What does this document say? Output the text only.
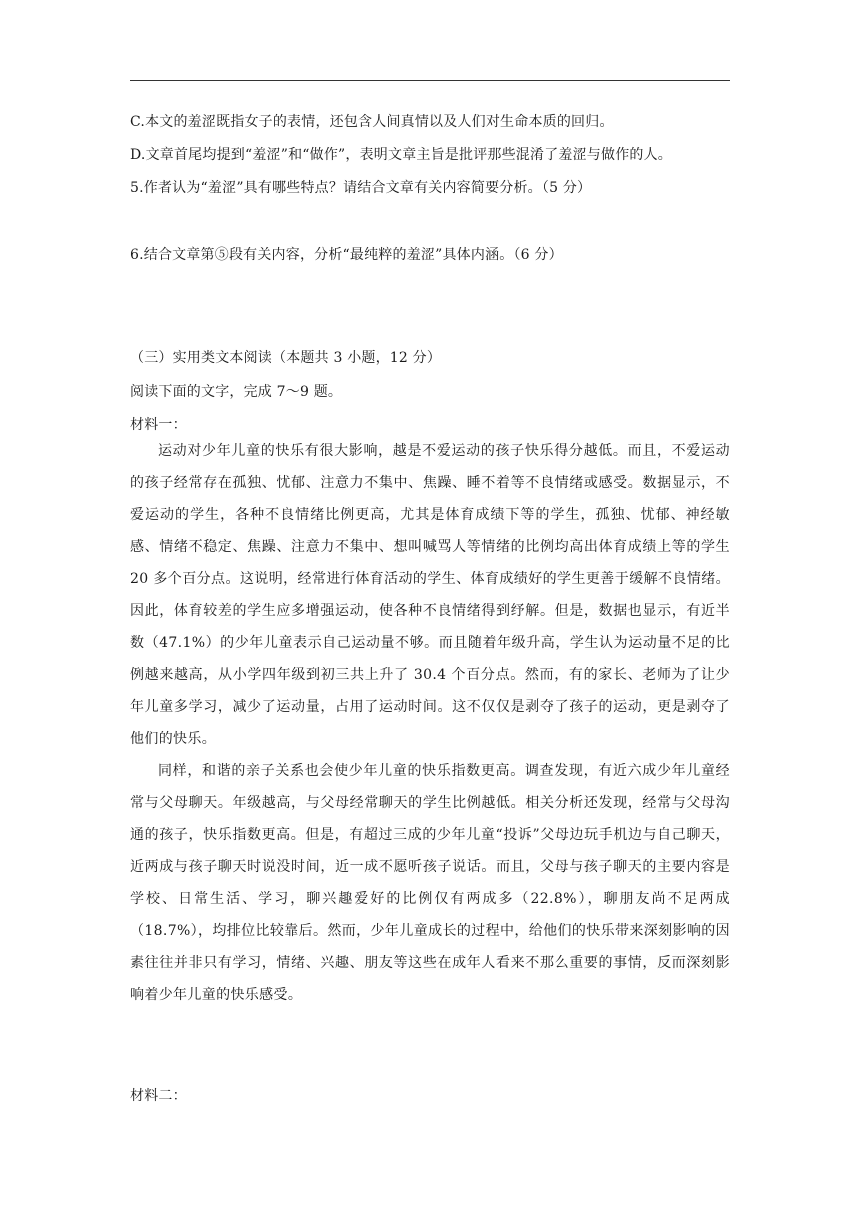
C.本文的羞涩既指女子的表情，还包含人间真情以及人们对生命本质的回归。
D.文章首尾均提到“羞涩”和“做作”，表明文章主旨是批评那些混淆了羞涩与做作的人。
5.作者认为“羞涩”具有哪些特点？请结合文章有关内容简要分析。（5 分）
6.结合文章第⑤段有关内容，分析“最纯粹的羞涩”具体内涵。（6 分）
（三）实用类文本阅读（本题共 3 小题，12 分）
阅读下面的文字，完成 7～9 题。
材料一：

运动对少年儿童的快乐有很大影响，越是不爱运动的孩子快乐得分越低。而且，不爱运动的孩子经常存在孤独、忧郁、注意力不集中、焦躁、睡不着等不良情绪或感受。数据显示，不爱运动的学生，各种不良情绪比例更高，尤其是体育成绩下等的学生，孤独、忧郁、神经敏感、情绪不稳定、焦躁、注意力不集中、想叫喊骂人等情绪的比例均高出体育成绩上等的学生 20 多个百分点。这说明，经常进行体育活动的学生、体育成绩好的学生更善于缓解不良情绪。因此，体育较差的学生应多增强运动，使各种不良情绪得到纾解。但是，数据也显示，有近半数（47.1%）的少年儿童表示自己运动量不够。而且随着年级升高，学生认为运动量不足的比例越来越高，从小学四年级到初三共上升了 30.4 个百分点。然而，有的家长、老师为了让少年儿童多学习，减少了运动量，占用了运动时间。这不仅仅是剥夺了孩子的运动，更是剥夺了他们的快乐。

同样，和谐的亲子关系也会使少年儿童的快乐指数更高。调查发现，有近六成少年儿童经常与父母聊天。年级越高，与父母经常聊天的学生比例越低。相关分析还发现，经常与父母沟通的孩子，快乐指数更高。但是，有超过三成的少年儿童“投诉”父母边玩手机边与自己聊天，近两成与孩子聊天时说没时间，近一成不愿听孩子说话。而且，父母与孩子聊天的主要内容是学校、日常生活、学习，聊兴趣爱好的比例仅有两成多（22.8%），聊朋友尚不足两成（18.7%），均排位比较靠后。然而，少年儿童成长的过程中，给他们的快乐带来深刻影响的因素往往并非只有学习，情绪、兴趣、朋友等这些在成年人看来不那么重要的事情，反而深刻影响着少年儿童的快乐感受。

材料二：
